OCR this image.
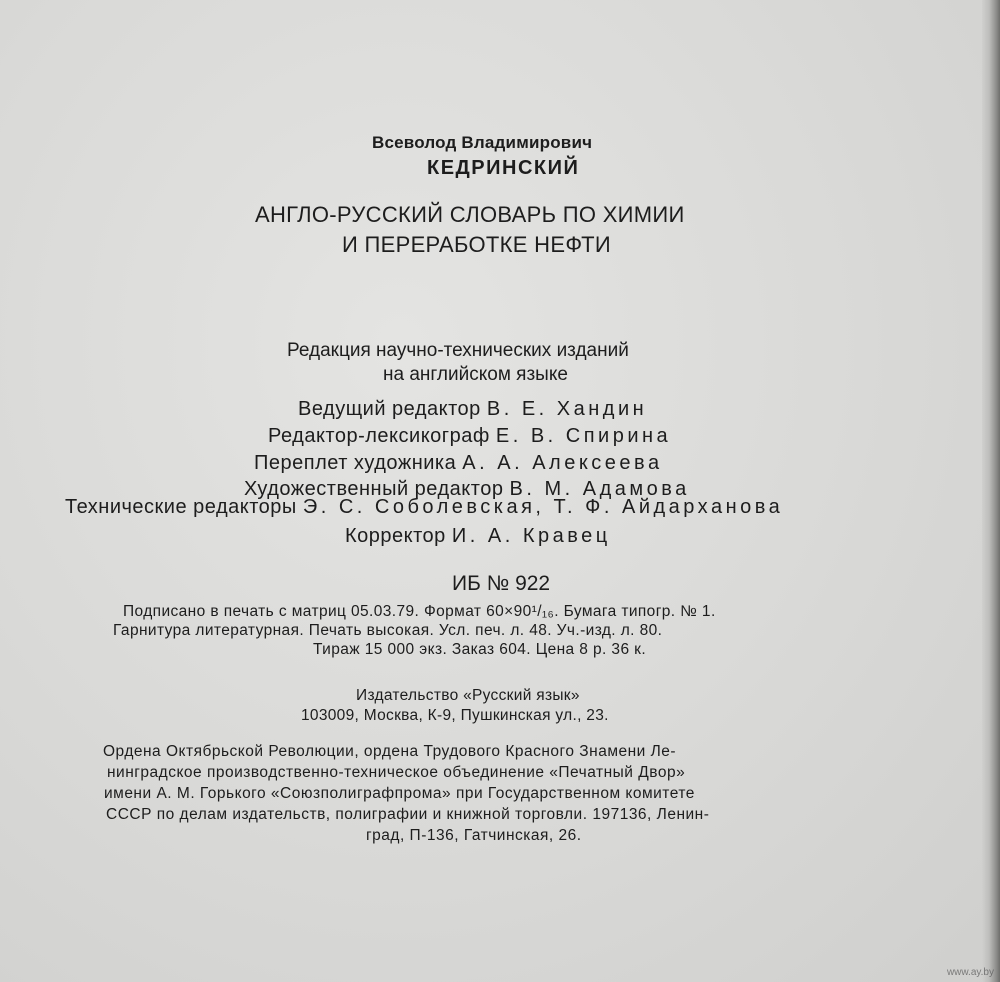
Всеволод Владимирович
КЕДРИНСКИЙ
АНГЛО-РУССКИЙ СЛОВАРЬ ПО ХИМИИ
И ПЕРЕРАБОТКЕ НЕФТИ
Редакция научно-технических изданий
на английском языке
Ведущий редактор В. Е. Хандин
Редактор-лексикограф Е. В. Спирина
Переплет художника А. А. Алексеева
Художественный редактор В. М. Адамова
Технические редакторы Э. С. Соболевская, Т. Ф. Айдарханова
Корректор И. А. Кравец
ИБ № 922
Подписано в печать с матриц 05.03.79. Формат 60×90¹/₁₆. Бумага типогр. № 1.
Гарнитура литературная. Печать высокая. Усл. печ. л. 48. Уч.-изд. л. 80.
Тираж 15 000 экз. Заказ 604. Цена 8 р. 36 к.
Издательство «Русский язык»
103009, Москва, К-9, Пушкинская ул., 23.
Ордена Октябрьской Революции, ордена Трудового Красного Знамени Ле-
нинградское производственно-техническое объединение «Печатный Двор»
имени А. М. Горького «Союзполиграфпрома» при Государственном комитете
СССР по делам издательств, полиграфии и книжной торговли. 197136, Ленин-
град, П-136, Гатчинская, 26.
www.ay.by
